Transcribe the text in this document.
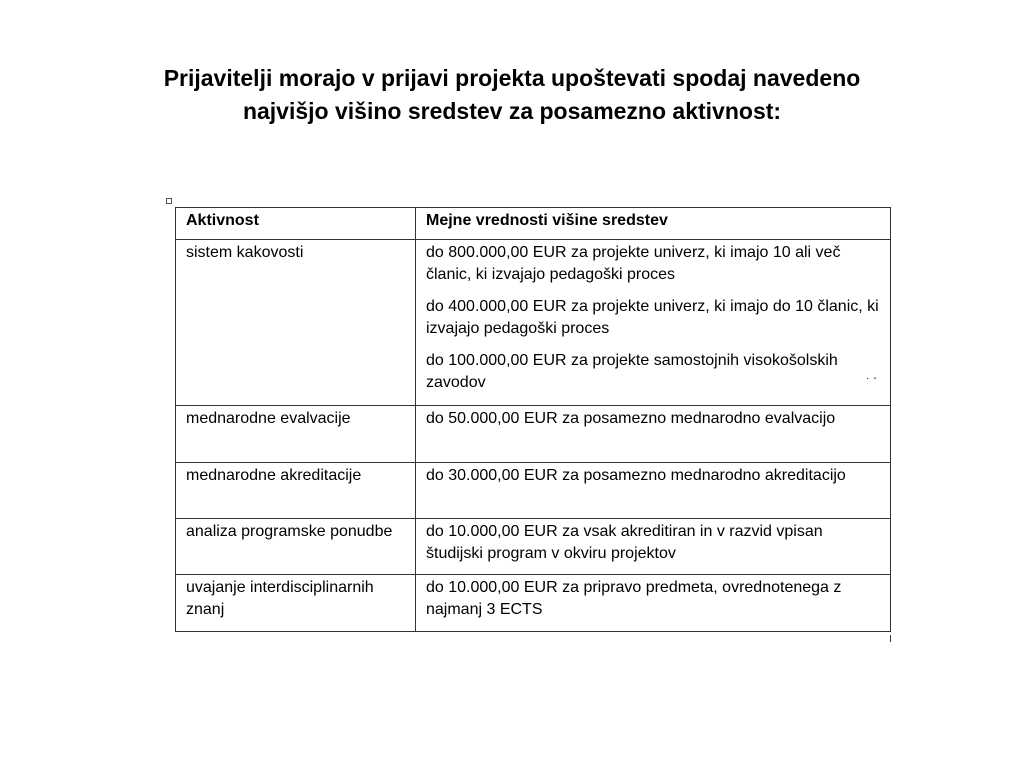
Prijavitelji morajo v prijavi projekta upoštevati spodaj navedeno
najvišjo višino sredstev za posamezno aktivnost:
Aktivnost	Mejne vrednosti višine sredstev
sistem kakovosti	do 800.000,00 EUR za projekte univerz, ki imajo 10 ali več članic, ki izvajajo pedagoški proces

do 400.000,00 EUR za projekte univerz, ki imajo do 10 članic, ki izvajajo pedagoški proces

do 100.000,00 EUR za projekte samostojnih visokošolskih zavodov

mednarodne evalvacije	do 50.000,00 EUR za posamezno mednarodno evalvacijo

mednarodne akreditacije	do 30.000,00 EUR za posamezno mednarodno akreditacijo

analiza programske ponudbe	do 10.000,00 EUR za vsak akreditiran in v razvid vpisan študijski program v okviru projektov

uvajanje interdisciplinarnih znanj	do 10.000,00 EUR za pripravo predmeta, ovrednotenega z najmanj 3 ECTS

·-
